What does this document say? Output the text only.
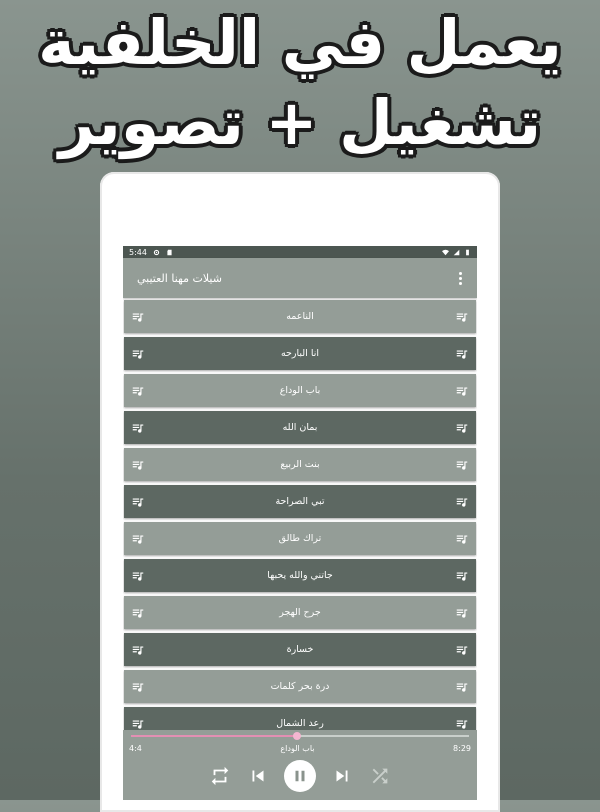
يعمل في الخلفية
تشغيل + تصوير
5:44
شيلات مهنا العتيبي
الناعمه
انا البارحه
باب الوداع
بمان الله
بنت الربيع
تبي الصراحة
تراك طالق
جاتني والله يحبها
جرح الهجر
خسارة
درة بحر كلمات
رعد الشمال
4:4	باب الوداع	8:29
